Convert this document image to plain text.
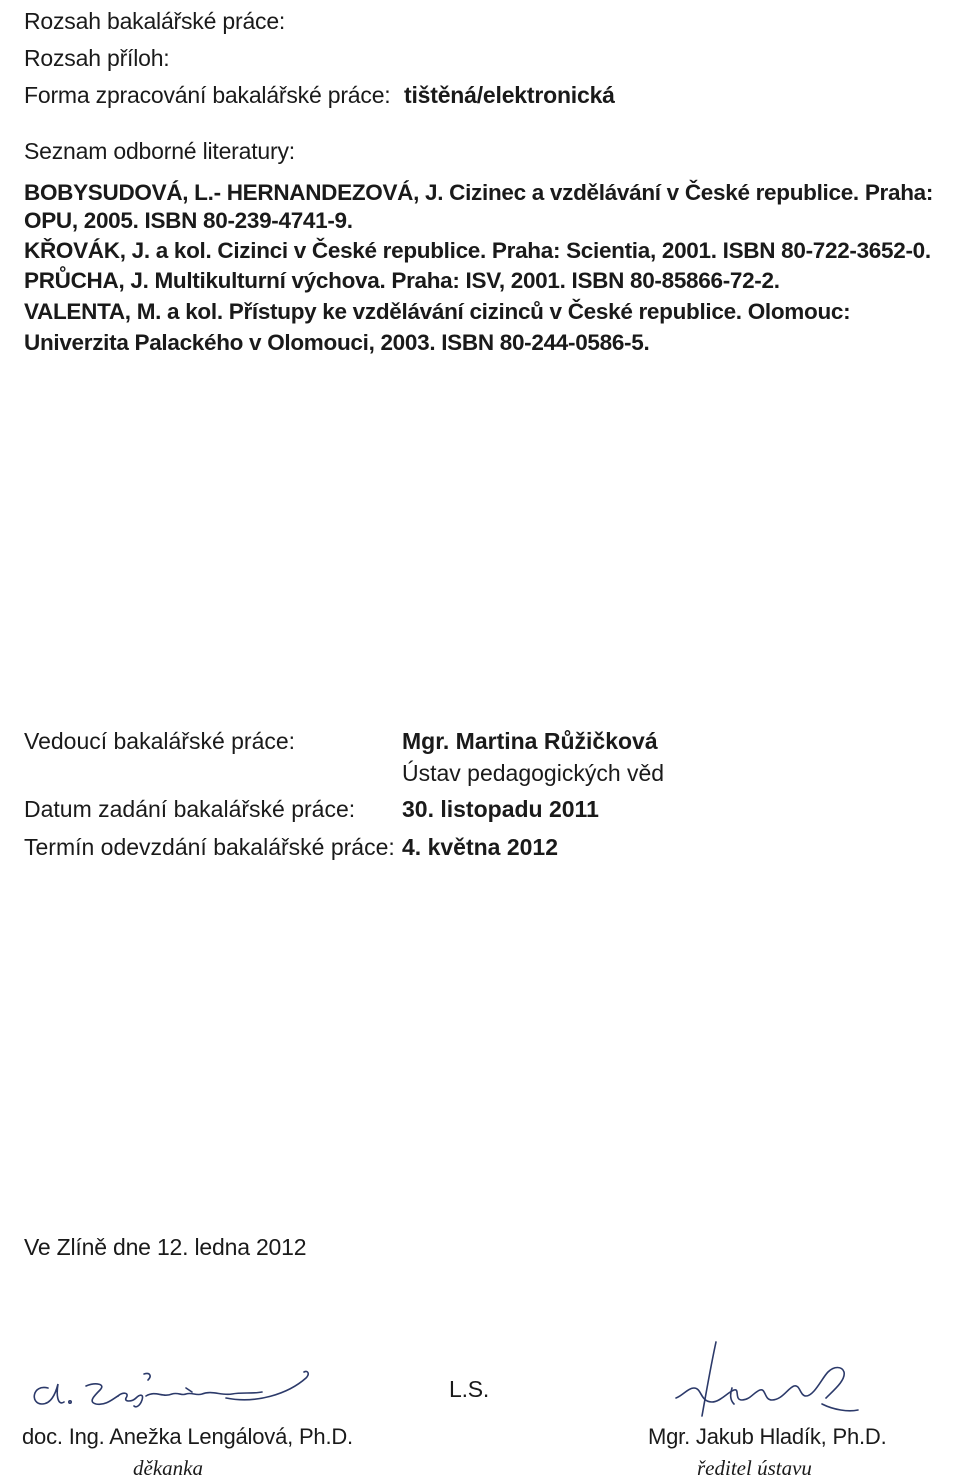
Rozsah bakalářské práce:
Rozsah příloh:
Forma zpracování bakalářské práce: tištěná/elektronická
Seznam odborné literatury:
BOBYSUDOVÁ, L.- HERNANDEZOVÁ, J. Cizinec a vzdělávání v České republice. Praha:
OPU, 2005. ISBN 80-239-4741-9.
KŘOVÁK, J. a kol. Cizinci v České republice. Praha: Scientia, 2001. ISBN 80-722-3652-0.
PRŮCHA, J. Multikulturní výchova. Praha: ISV, 2001. ISBN 80-85866-72-2.
VALENTA, M. a kol. Přístupy ke vzdělávání cizinců v České republice. Olomouc:
Univerzita Palackého v Olomouci, 2003. ISBN 80-244-0586-5.
Vedoucí bakalářské práce:	Mgr. Martina Růžičková
Ústav pedagogických věd
Datum zadání bakalářské práce: 30. listopadu 2011
Termín odevzdání bakalářské práce: 4. května 2012
Ve Zlíně dne 12. ledna 2012
L.S.
doc. Ing. Anežka Lengálová, Ph.D.
děkanka
Mgr. Jakub Hladík, Ph.D.
ředitel ústavu
